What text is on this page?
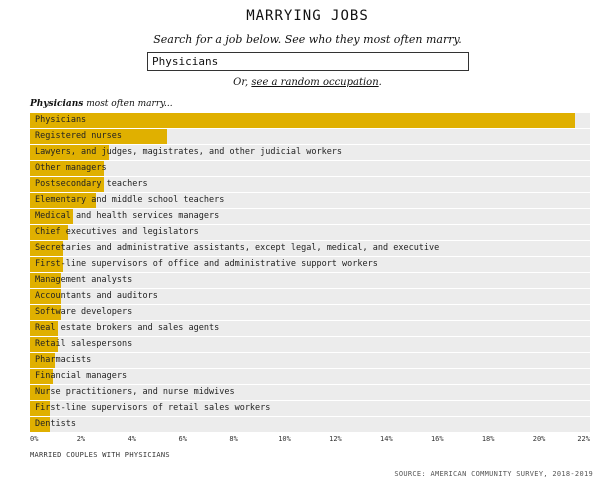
MARRYING JOBS
Search for a job below. See who they most often marry.
Physicians
Or, see a random occupation.
Physicians most often marry...
Physicians
Registered nurses
Lawyers, and judges, magistrates, and other judicial workers
Other managers
Postsecondary teachers
Elementary and middle school teachers
Medical and health services managers
Chief executives and legislators
Secretaries and administrative assistants, except legal, medical, and executive
First-line supervisors of office and administrative support workers
Management analysts
Accountants and auditors
Software developers
Real estate brokers and sales agents
Retail salespersons
Pharmacists
Financial managers
Nurse practitioners, and nurse midwives
First-line supervisors of retail sales workers
Dentists
0%	2%	4%	6%	8%	10%	12%	14%	16%	18%	20%	22%
MARRIED COUPLES WITH PHYSICIANS
SOURCE: AMERICAN COMMUNITY SURVEY, 2018-2019
